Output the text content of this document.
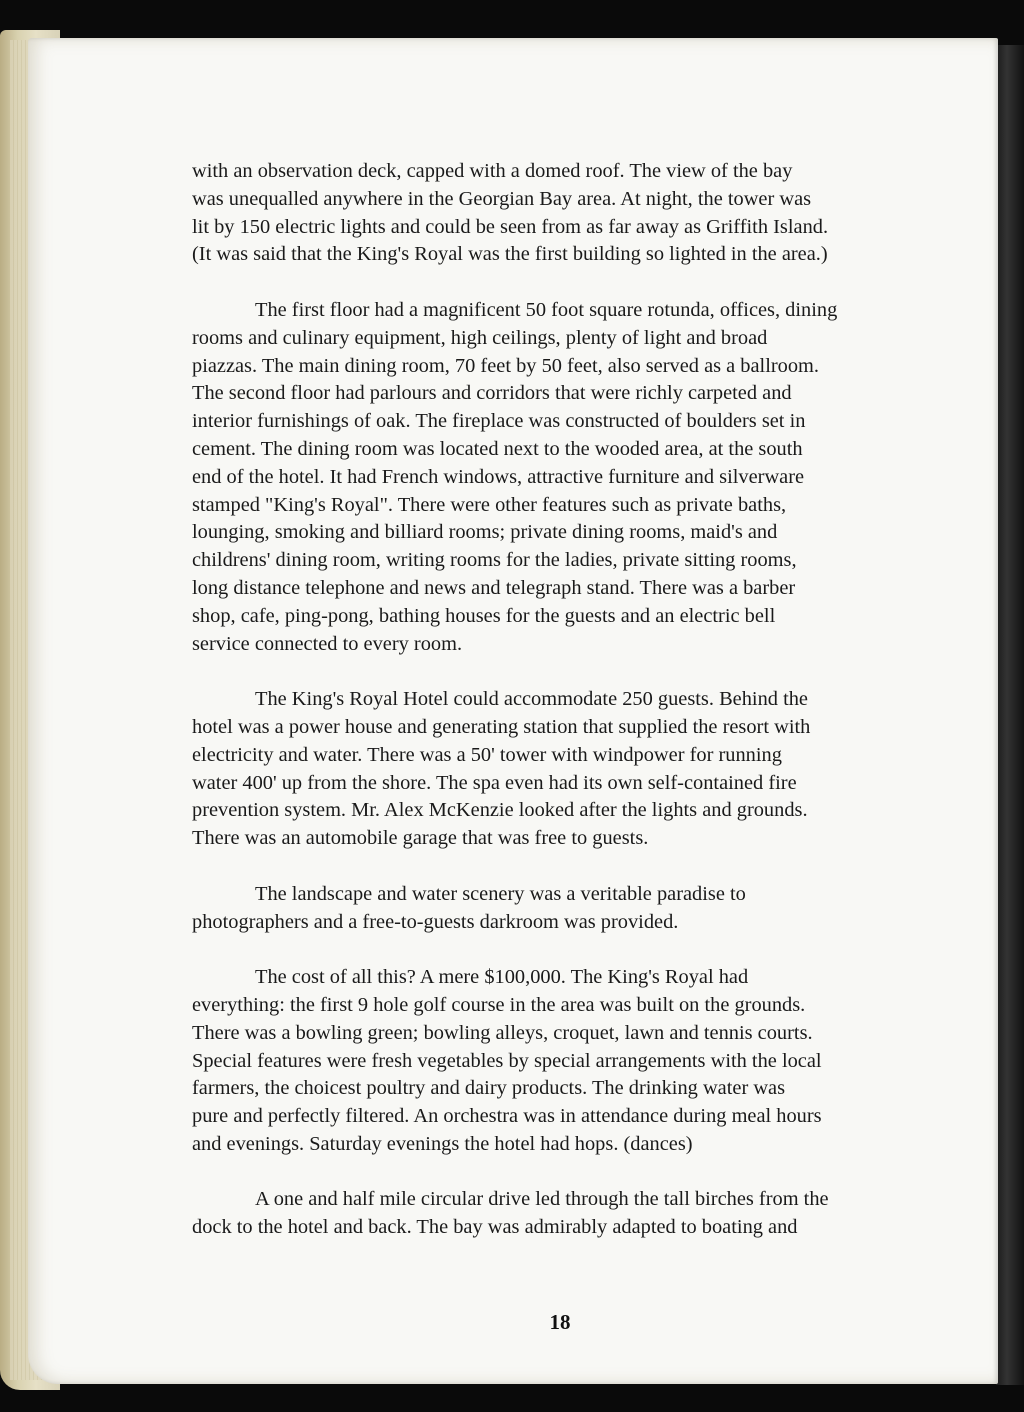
with an observation deck, capped with a domed roof. The view of the bay
was unequalled anywhere in the Georgian Bay area. At night, the tower was
lit by 150 electric lights and could be seen from as far away as Griffith Island.
(It was said that the King's Royal was the first building so lighted in the area.)
The first floor had a magnificent 50 foot square rotunda, offices, dining
rooms and culinary equipment, high ceilings, plenty of light and broad
piazzas. The main dining room, 70 feet by 50 feet, also served as a ballroom.
The second floor had parlours and corridors that were richly carpeted and
interior furnishings of oak. The fireplace was constructed of boulders set in
cement. The dining room was located next to the wooded area, at the south
end of the hotel. It had French windows, attractive furniture and silverware
stamped "King's Royal". There were other features such as private baths,
lounging, smoking and billiard rooms; private dining rooms, maid's and
childrens' dining room, writing rooms for the ladies, private sitting rooms,
long distance telephone and news and telegraph stand. There was a barber
shop, cafe, ping-pong, bathing houses for the guests and an electric bell
service connected to every room.
The King's Royal Hotel could accommodate 250 guests. Behind the
hotel was a power house and generating station that supplied the resort with
electricity and water. There was a 50' tower with windpower for running
water 400' up from the shore. The spa even had its own self-contained fire
prevention system. Mr. Alex McKenzie looked after the lights and grounds.
There was an automobile garage that was free to guests.
The landscape and water scenery was a veritable paradise to
photographers and a free-to-guests darkroom was provided.
The cost of all this? A mere $100,000. The King's Royal had
everything: the first 9 hole golf course in the area was built on the grounds.
There was a bowling green; bowling alleys, croquet, lawn and tennis courts.
Special features were fresh vegetables by special arrangements with the local
farmers, the choicest poultry and dairy products. The drinking water was
pure and perfectly filtered. An orchestra was in attendance during meal hours
and evenings. Saturday evenings the hotel had hops. (dances)
A one and half mile circular drive led through the tall birches from the
dock to the hotel and back. The bay was admirably adapted to boating and
18
